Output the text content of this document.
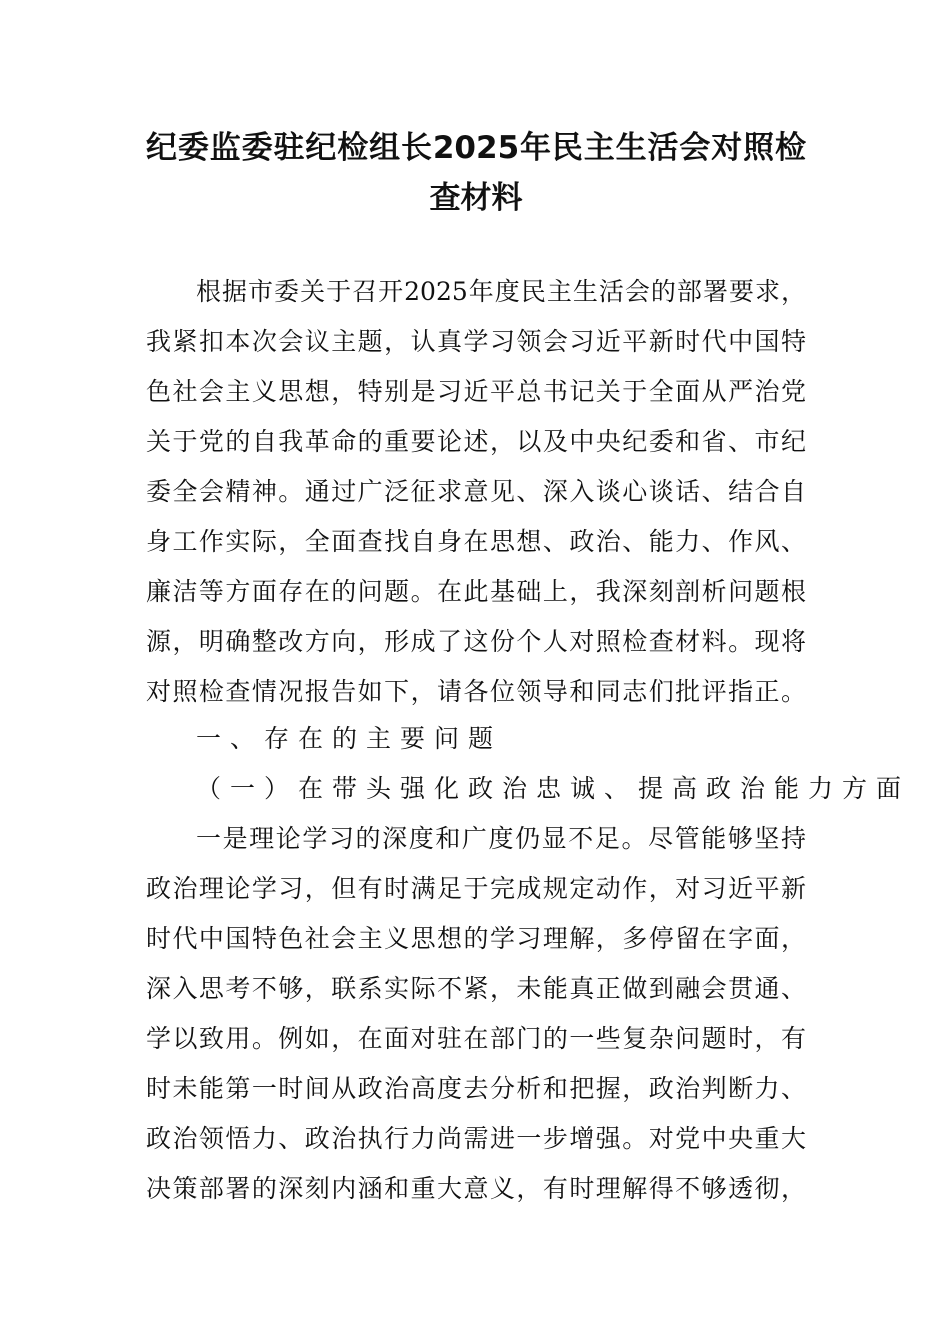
纪委监委驻纪检组长2025年民主生活会对照检
查材料
根据市委关于召开2025年度民主生活会的部署要求，
我紧扣本次会议主题，认真学习领会习近平新时代中国特
色社会主义思想，特别是习近平总书记关于全面从严治党
关于党的自我革命的重要论述，以及中央纪委和省、市纪
委全会精神。通过广泛征求意见、深入谈心谈话、结合自
身工作实际，全面查找自身在思想、政治、能力、作风、
廉洁等方面存在的问题。在此基础上，我深刻剖析问题根
源，明确整改方向，形成了这份个人对照检查材料。现将
对照检查情况报告如下，请各位领导和同志们批评指正。
一、存在的主要问题
（一）在带头强化政治忠诚、提高政治能力方面
一是理论学习的深度和广度仍显不足。尽管能够坚持
政治理论学习，但有时满足于完成规定动作，对习近平新
时代中国特色社会主义思想的学习理解，多停留在字面，
深入思考不够，联系实际不紧，未能真正做到融会贯通、
学以致用。例如，在面对驻在部门的一些复杂问题时，有
时未能第一时间从政治高度去分析和把握，政治判断力、
政治领悟力、政治执行力尚需进一步增强。对党中央重大
决策部署的深刻内涵和重大意义，有时理解得不够透彻，
